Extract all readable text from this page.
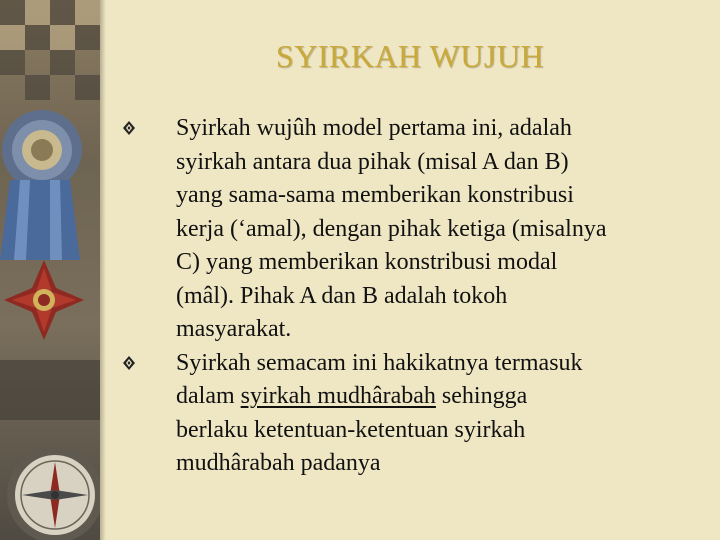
SYIRKAH WUJUH
Syirkah wujûh model pertama ini, adalah
syirkah antara dua pihak (misal A dan B)
yang sama-sama memberikan konstribusi
kerja (‘amal), dengan pihak ketiga (misalnya
C) yang memberikan konstribusi modal
(mâl). Pihak A dan B adalah tokoh
masyarakat.
Syirkah semacam ini hakikatnya termasuk
dalam syirkah mudhârabah sehingga
berlaku ketentuan-ketentuan syirkah
mudhârabah padanya
